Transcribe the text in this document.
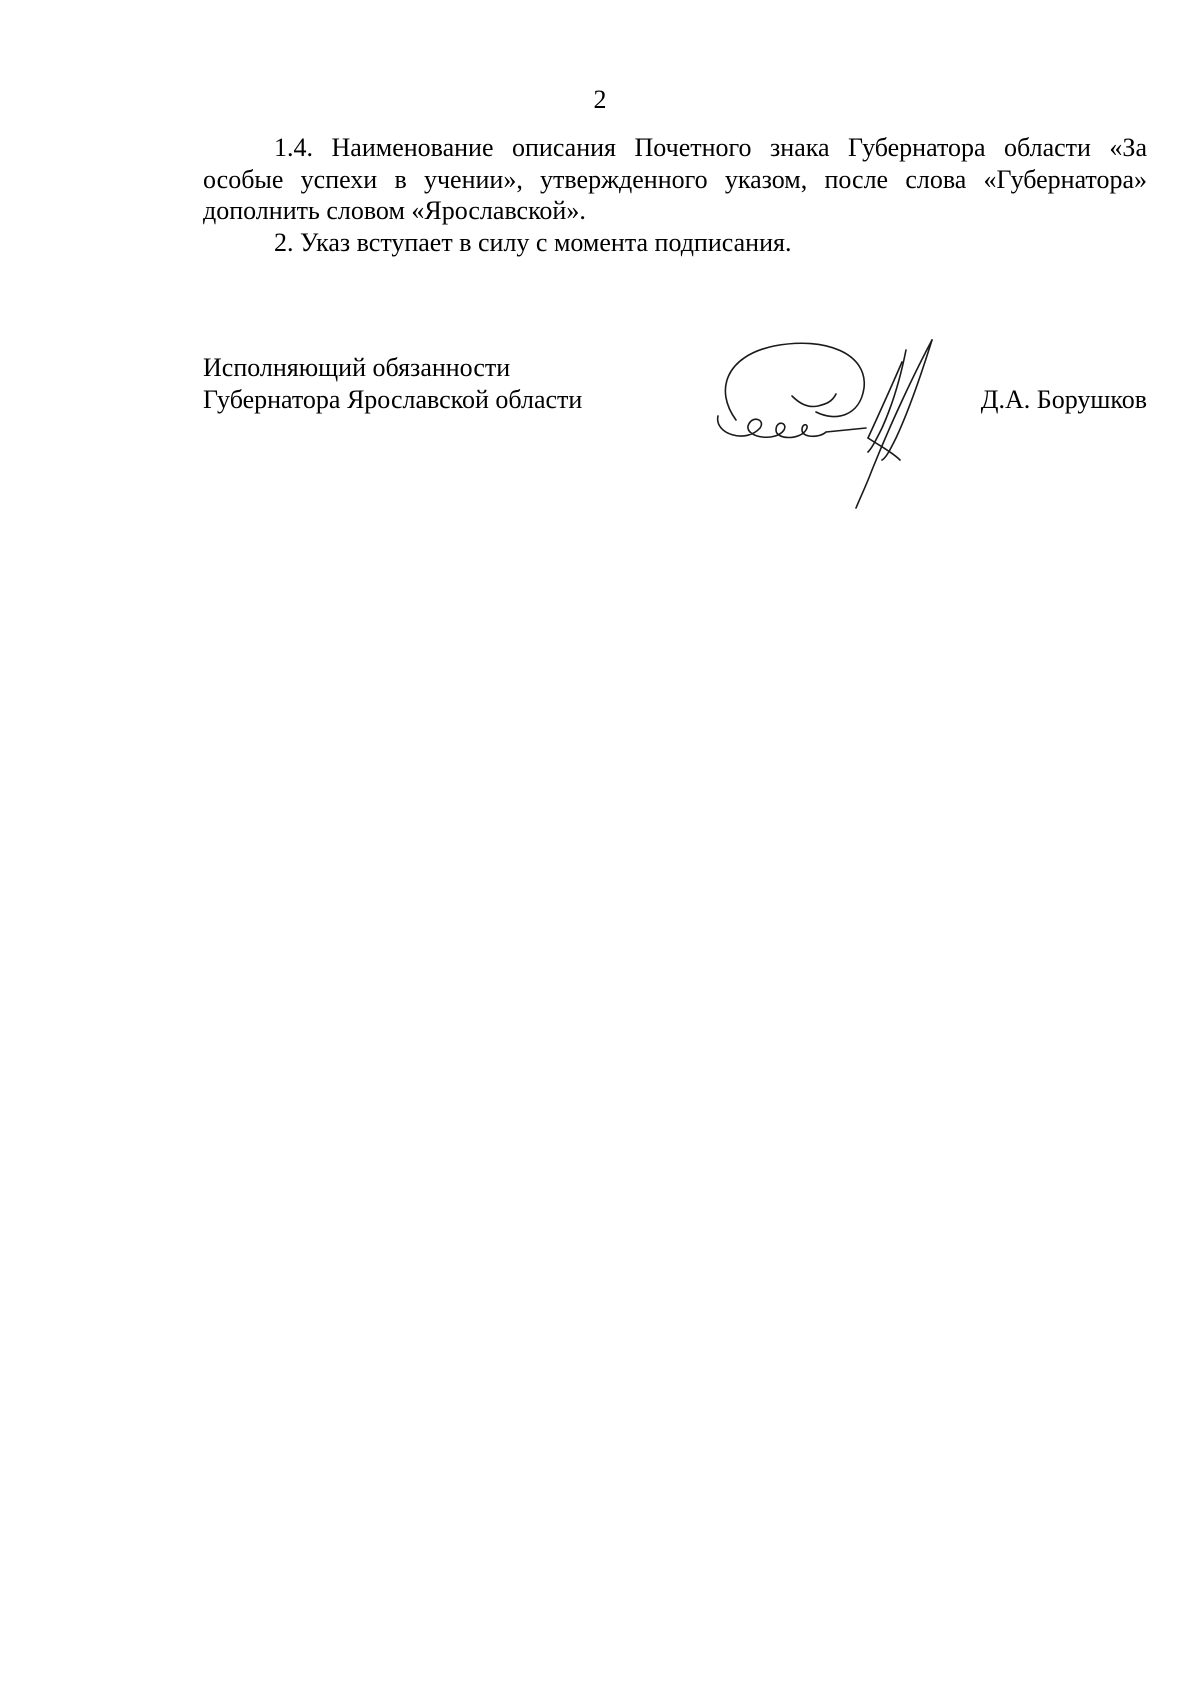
2

1.4. Наименование описания Почетного знака Губернатора области «За особые успехи в учении», утвержденного указом, после слова «Губернатора» дополнить словом «Ярославской».

2. Указ вступает в силу с момента подписания.

Исполняющий обязанности
Губернатора Ярославской области	Д.А. Борушков
